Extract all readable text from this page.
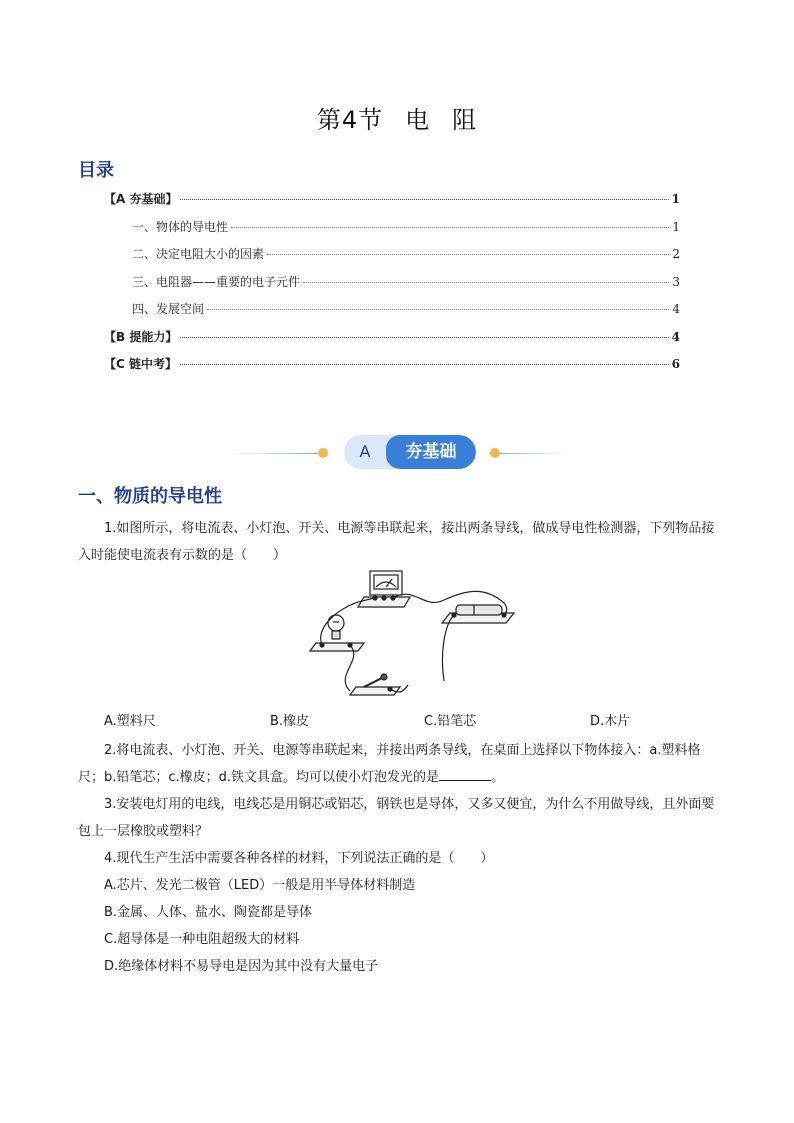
第4节 电 阻
目录
【A 夯基础】	1
一、物体的导电性	1
二、决定电阻大小的因素	2
三、电阻器——重要的电子元件	3
四、发展空间	4
【B 提能力】	4
【C 链中考】	6
A	夯基础
一、物质的导电性

1.如图所示，将电流表、小灯泡、开关、电源等串联起来，接出两条导线，做成导电性检测器，下列物品接入时能使电流表有示数的是（　　）

A.塑料尺	B.橡皮	C.铅笔芯	D.木片

2.将电流表、小灯泡、开关、电源等串联起来，并接出两条导线，在桌面上选择以下物体接入：a.塑料格尺；b.铅笔芯；c.橡皮；d.铁文具盒。均可以使小灯泡发光的是	。

3.安装电灯用的电线，电线芯是用铜芯或铝芯，钢铁也是导体，又多又便宜，为什么不用做导线，且外面要包上一层橡胶或塑料？

4.现代生产生活中需要各种各样的材料，下列说法正确的是（　　）

A.芯片、发光二极管（LED）一般是用半导体材料制造

B.金属、人体、盐水、陶瓷都是导体

C.超导体是一种电阻超级大的材料

D.绝缘体材料不易导电是因为其中没有大量电子
